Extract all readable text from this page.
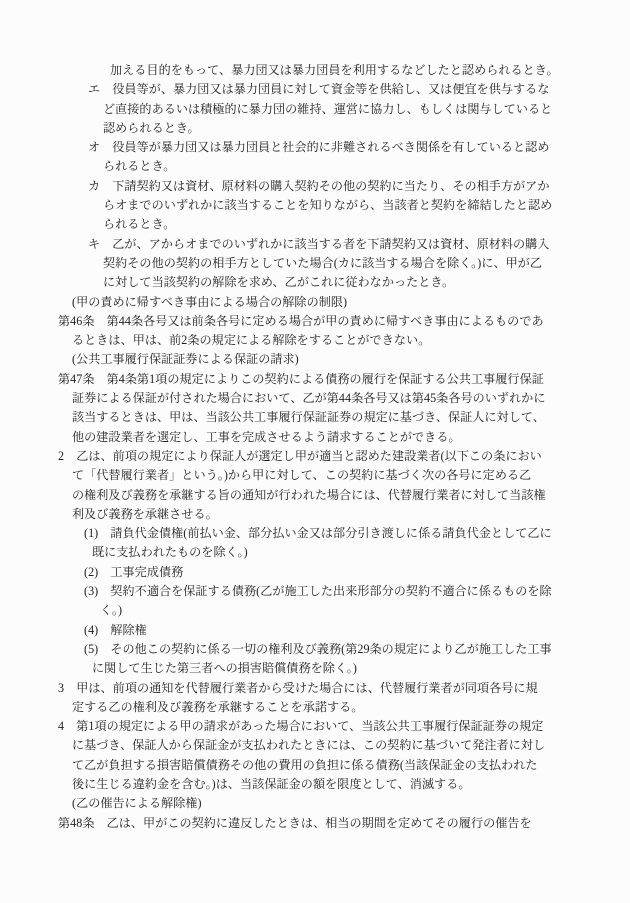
加える目的をもって、暴力団又は暴力団員を利用するなどしたと認められるとき。
エ　役員等が、暴力団又は暴力団員に対して資金等を供給し、又は便宜を供与するな
ど直接的あるいは積極的に暴力団の維持、運営に協力し、もしくは関与していると
認められるとき。
オ　役員等が暴力団又は暴力団員と社会的に非難されるべき関係を有していると認め
られるとき。
カ　下請契約又は資材、原材料の購入契約その他の契約に当たり、その相手方がアか
らオまでのいずれかに該当することを知りながら、当該者と契約を締結したと認め
られるとき。
キ　乙が、アからオまでのいずれかに該当する者を下請契約又は資材、原材料の購入
契約その他の契約の相手方としていた場合(カに該当する場合を除く。)に、甲が乙
に対して当該契約の解除を求め、乙がこれに従わなかったとき。
(甲の責めに帰すべき事由による場合の解除の制限)
第46条　第44条各号又は前条各号に定める場合が甲の責めに帰すべき事由によるものであ
るときは、甲は、前2条の規定による解除をすることができない。
(公共工事履行保証証券による保証の請求)
第47条　第4条第1項の規定によりこの契約による債務の履行を保証する公共工事履行保証
証券による保証が付された場合において、乙が第44条各号又は第45条各号のいずれかに
該当するときは、甲は、当該公共工事履行保証証券の規定に基づき、保証人に対して、
他の建設業者を選定し、工事を完成させるよう請求することができる。
2　乙は、前項の規定により保証人が選定し甲が適当と認めた建設業者(以下この条におい
て「代替履行業者」という。)から甲に対して、この契約に基づく次の各号に定める乙
の権利及び義務を承継する旨の通知が行われた場合には、代替履行業者に対して当該権
利及び義務を承継させる。
(1)　請負代金債権(前払い金、部分払い金又は部分引き渡しに係る請負代金として乙に
既に支払われたものを除く。)
(2)　工事完成債務
(3)　契約不適合を保証する債務(乙が施工した出来形部分の契約不適合に係るものを除
く。)
(4)　解除権
(5)　その他この契約に係る一切の権利及び義務(第29条の規定により乙が施工した工事
に関して生じた第三者への損害賠償債務を除く。)
3　甲は、前項の通知を代替履行業者から受けた場合には、代替履行業者が同項各号に規
定する乙の権利及び義務を承継することを承諾する。
4　第1項の規定による甲の請求があった場合において、当該公共工事履行保証証券の規定
に基づき、保証人から保証金が支払われたときには、この契約に基づいて発注者に対し
て乙が負担する損害賠償債務その他の費用の負担に係る債務(当該保証金の支払われた
後に生じる違約金を含む。)は、当該保証金の額を限度として、消滅する。
(乙の催告による解除権)
第48条　乙は、甲がこの契約に違反したときは、相当の期間を定めてその履行の催告を
